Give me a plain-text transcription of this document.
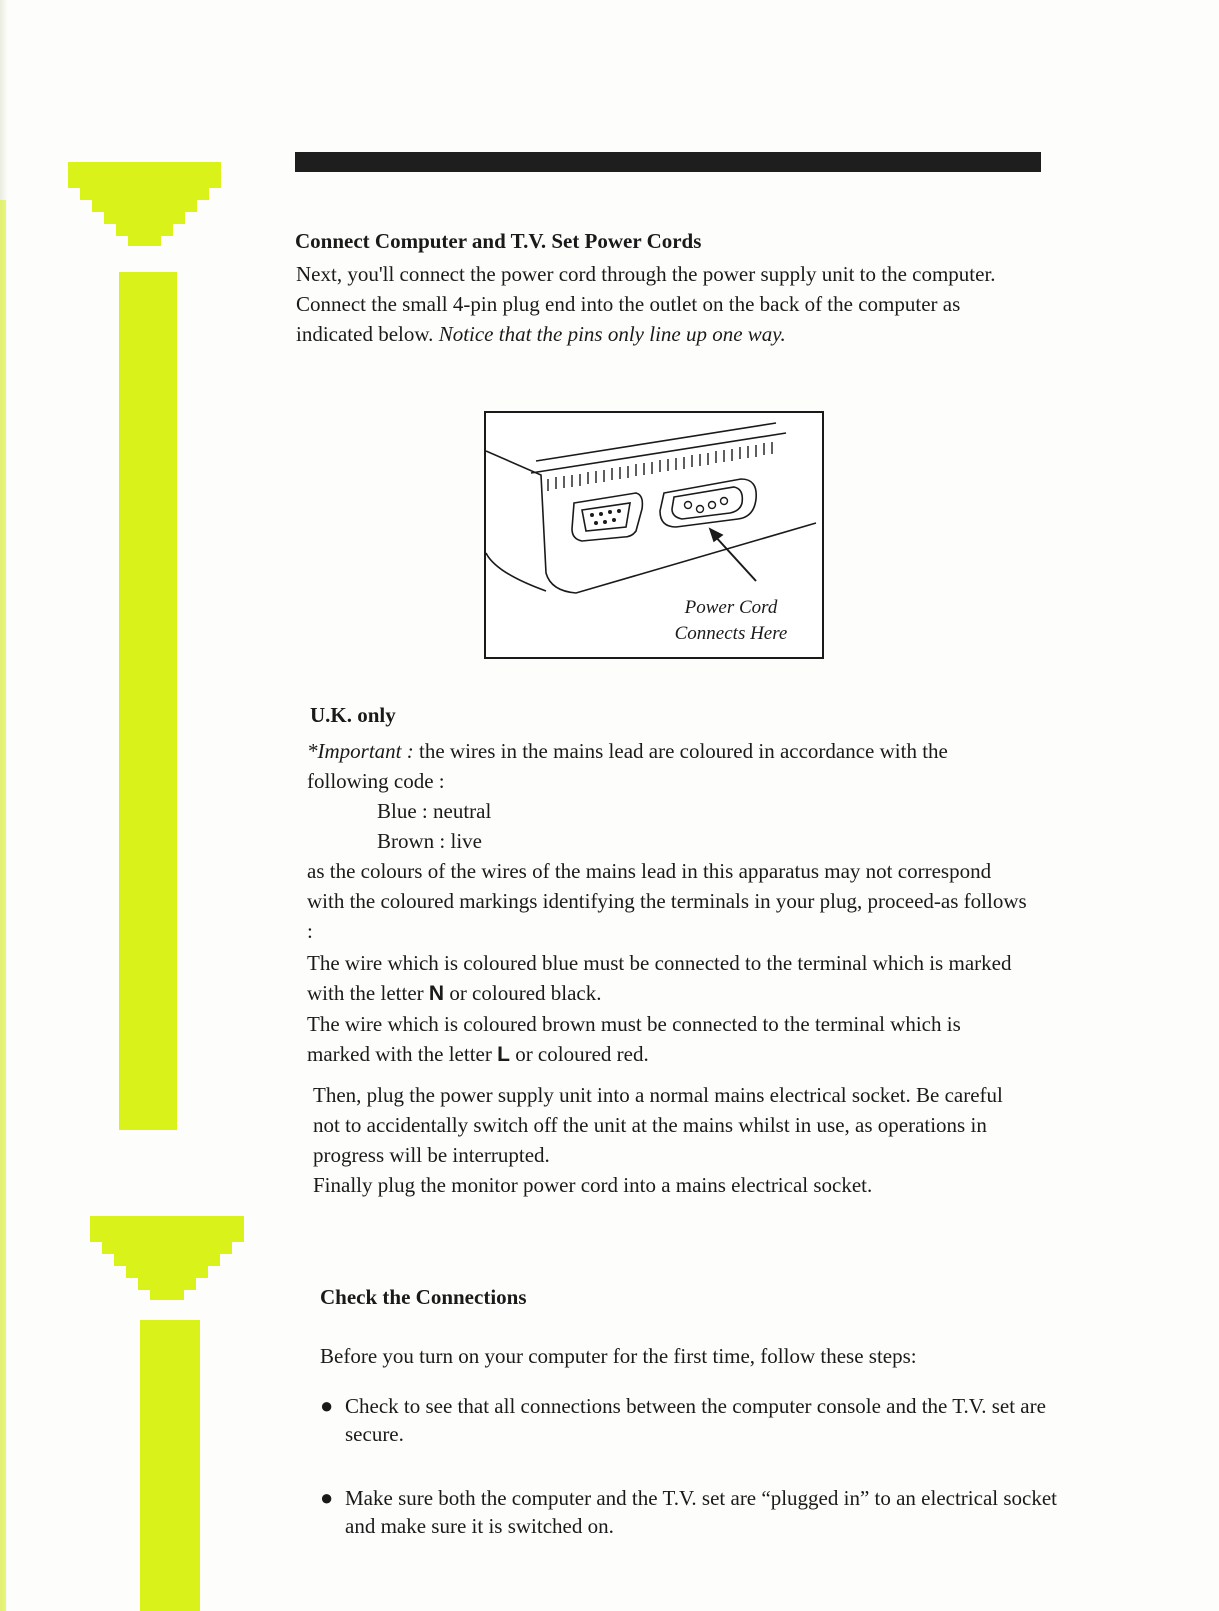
Connect Computer and T.V. Set Power Cords

Next, you'll connect the power cord through the power supply unit to the computer. Connect the small 4-pin plug end into the outlet on the back of the computer as indicated below. Notice that the pins only line up one way.

Power Cord
Connects Here
U.K. only
*Important : the wires in the mains lead are coloured in accordance with the following code :
Blue : neutral
Brown : live
as the colours of the wires of the mains lead in this apparatus may not correspond with the coloured markings identifying the terminals in your plug, proceed-as follows :
The wire which is coloured blue must be connected to the terminal which is marked with the letter N or coloured black.
The wire which is coloured brown must be connected to the terminal which is marked with the letter L or coloured red.
Then, plug the power supply unit into a normal mains electrical socket. Be careful not to accidentally switch off the unit at the mains whilst in use, as operations in progress will be interrupted.
Finally plug the monitor power cord into a mains electrical socket.
Check the Connections

Before you turn on your computer for the first time, follow these steps:

● Check to see that all connections between the computer console and the T.V. set are secure.
● Make sure both the computer and the T.V. set are “plugged in” to an electrical socket and make sure it is switched on.
